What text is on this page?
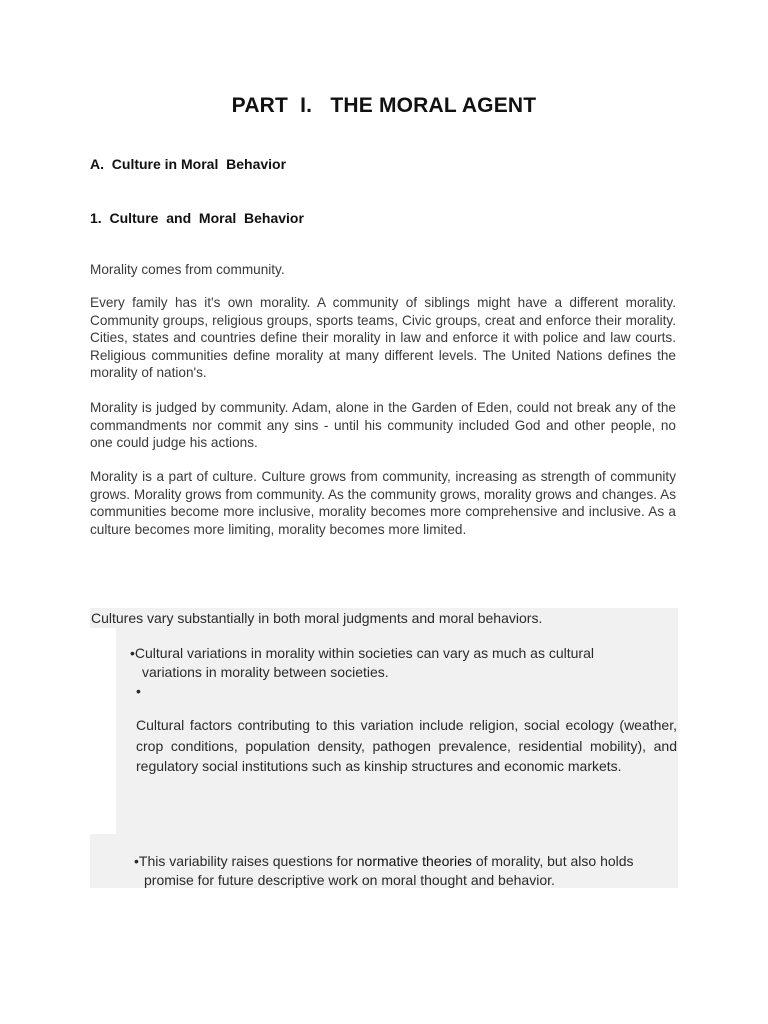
PART  I.   THE MORAL AGENT
A.  Culture in Moral  Behavior
1.  Culture  and  Moral  Behavior

Morality comes from community.

Every family has it's own morality. A community of siblings might have a different morality. Community groups, religious groups, sports teams, Civic groups, creat and enforce their morality. Cities, states and countries define their morality in law and enforce it with police and law courts. Religious communities define morality at many different levels. The United Nations defines the morality of nation's.

Morality is judged by community. Adam, alone in the Garden of Eden, could not break any of the commandments nor commit any sins - until his community included God and other people, no one could judge his actions.

Morality is a part of culture. Culture grows from community, increasing as strength of community grows. Morality grows from community. As the community grows, morality grows and changes. As communities become more inclusive, morality becomes more comprehensive and inclusive. As a culture becomes more limiting, morality becomes more limited.

Cultures vary substantially in both moral judgments and moral behaviors.

•Cultural variations in morality within societies can vary as much as cultural
variations in morality between societies.

•

Cultural factors contributing to this variation include religion, social ecology (weather, crop conditions, population density, pathogen prevalence, residential mobility), and regulatory social institutions such as kinship structures and economic markets.

•This variability raises questions for normative theories of morality, but also holds
promise for future descriptive work on moral thought and behavior.
